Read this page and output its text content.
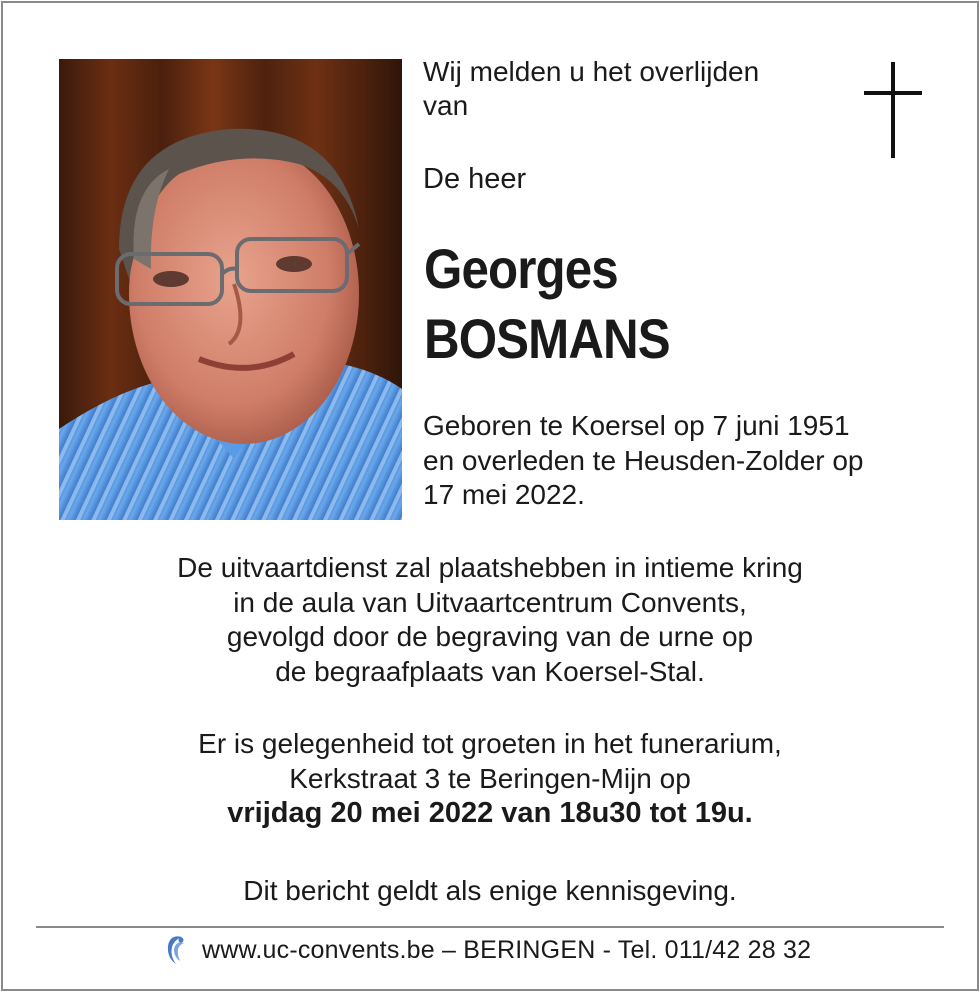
Wij melden u het overlijden
van
De heer
Georges
BOSMANS
Geboren te Koersel op 7 juni 1951
en overleden te Heusden-Zolder op
17 mei 2022.
De uitvaartdienst zal plaatshebben in intieme kring
in de aula van Uitvaartcentrum Convents,
gevolgd door de begraving van de urne op
de begraafplaats van Koersel-Stal.
Er is gelegenheid tot groeten in het funerarium,
Kerkstraat 3 te Beringen-Mijn op
vrijdag 20 mei 2022 van 18u30 tot 19u.
Dit bericht geldt als enige kennisgeving.
www.uc-convents.be – BERINGEN - Tel. 011/42 28 32
